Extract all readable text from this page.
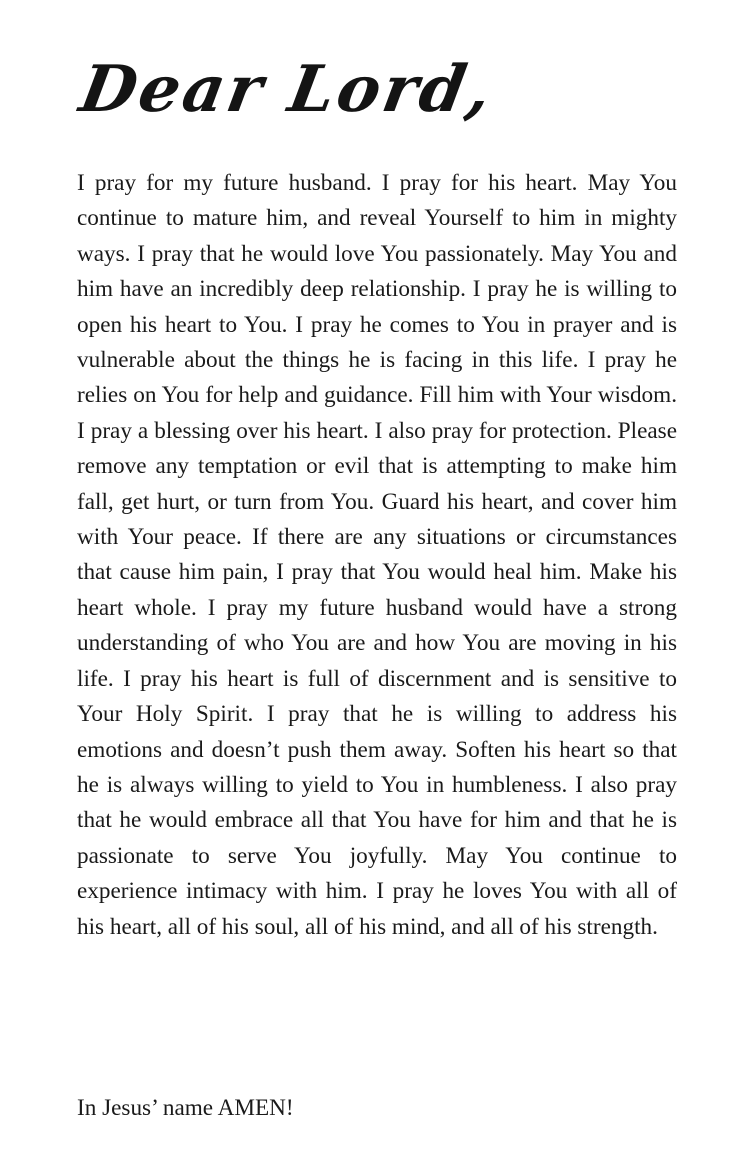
Dear Lord,

I pray for my future husband. I pray for his heart. May You continue to mature him, and reveal Yourself to him in mighty ways. I pray that he would love You passionately. May You and him have an incredibly deep relationship. I pray he is willing to open his heart to You. I pray he comes to You in prayer and is vulnerable about the things he is facing in this life. I pray he relies on You for help and guidance. Fill him with Your wisdom. I pray a blessing over his heart. I also pray for protection. Please remove any temptation or evil that is attempting to make him fall, get hurt, or turn from You. Guard his heart, and cover him with Your peace. If there are any situations or circumstances that cause him pain, I pray that You would heal him. Make his heart whole. I pray my future husband would have a strong understanding of who You are and how You are moving in his life. I pray his heart is full of discernment and is sensitive to Your Holy Spirit. I pray that he is willing to address his emotions and doesn’t push them away. Soften his heart so that he is always willing to yield to You in humbleness. I also pray that he would embrace all that You have for him and that he is passionate to serve You joyfully. May You continue to experience intimacy with him. I pray he loves You with all of his heart, all of his soul, all of his mind, and all of his strength.

In Jesus’ name AMEN!
